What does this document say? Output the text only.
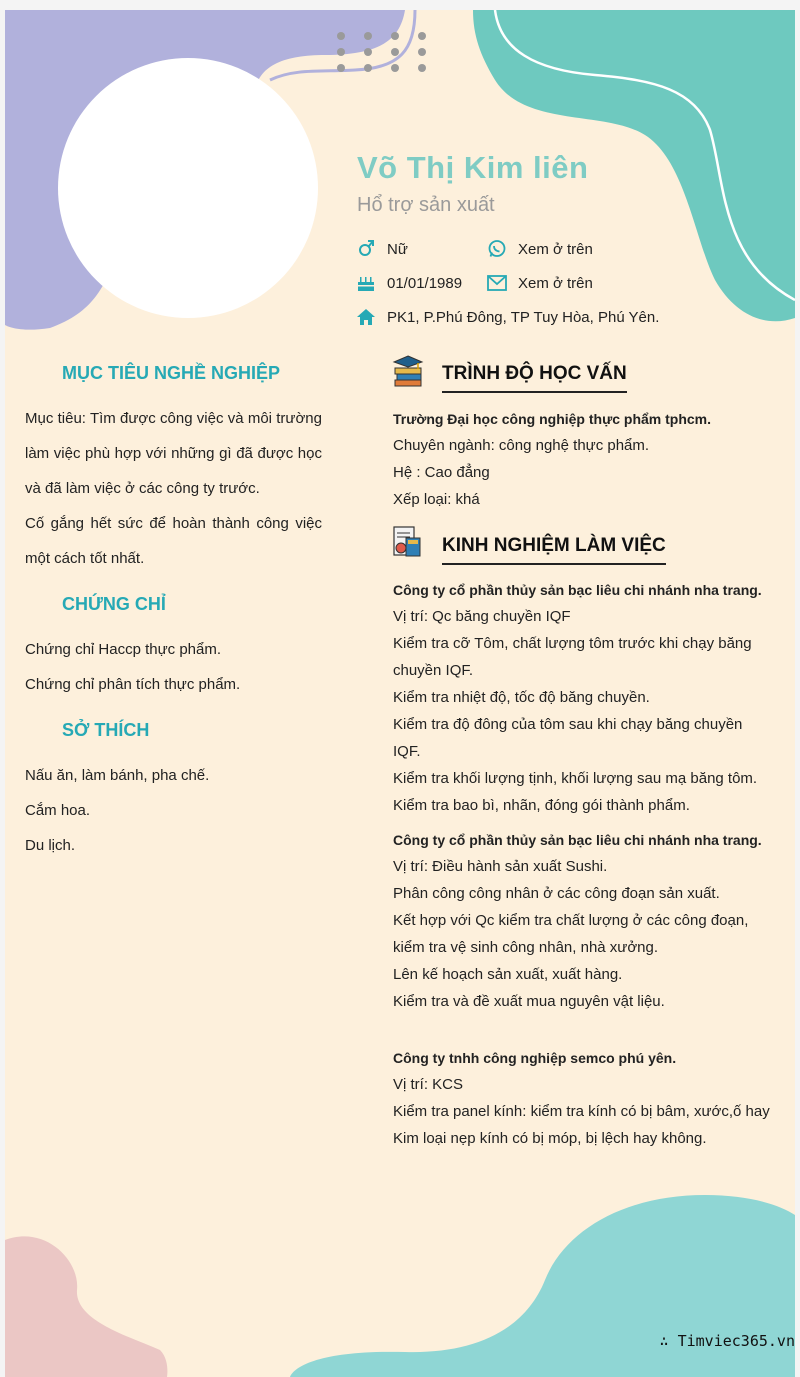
Võ Thị Kim liên
Hổ trợ sản xuất
Nữ	Xem ở trên
01/01/1989	Xem ở trên
PK1, P.Phú Đông, TP Tuy Hòa, Phú Yên.
MỤC TIÊU NGHỀ NGHIỆP
Mục tiêu: Tìm được công việc và môi trường làm việc phù hợp với những gì đã được học và đã làm việc ở các công ty trước.
Cố gắng hết sức để hoàn thành công việc một cách tốt nhất.
CHỨNG CHỈ
Chứng chỉ Haccp thực phẩm.
Chứng chỉ phân tích thực phẩm.
SỞ THÍCH
Nấu ăn, làm bánh, pha chế.
Cắm hoa.
Du lịch.
TRÌNH ĐỘ HỌC VẤN
Trường Đại học công nghiệp thực phẩm tphcm.
Chuyên ngành: công nghệ thực phẩm.
Hệ : Cao đẳng
Xếp loại: khá
KINH NGHIỆM LÀM VIỆC
Công ty cổ phần thủy sản bạc liêu chi nhánh nha trang.
Vị trí: Qc băng chuyền IQF
Kiểm tra cỡ Tôm, chất lượng tôm trước khi chạy băng chuyền IQF.
Kiểm tra nhiệt độ, tốc độ băng chuyền.
Kiểm tra độ đông của tôm sau khi chạy băng chuyền IQF.
Kiểm tra khối lượng tịnh, khối lượng sau mạ băng tôm.
Kiểm tra bao bì, nhãn, đóng gói thành phẩm.
Công ty cổ phần thủy sản bạc liêu chi nhánh nha trang.
Vị trí: Điều hành sản xuất Sushi.
Phân công công nhân ở các công đoạn sản xuất.
Kết hợp với Qc kiểm tra chất lượng ở các công đoạn, kiểm tra vệ sinh công nhân, nhà xưởng.
Lên kế hoạch sản xuất, xuất hàng.
Kiểm tra và đề xuất mua nguyên vật liệu.
Công ty tnhh công nghiệp semco phú yên.
Vị trí: KCS
Kiểm tra panel kính: kiểm tra kính có bị bâm, xước,ố hay Kim loại nẹp kính có bị móp, bị lệch hay không.
∴ Timviec365.vn
